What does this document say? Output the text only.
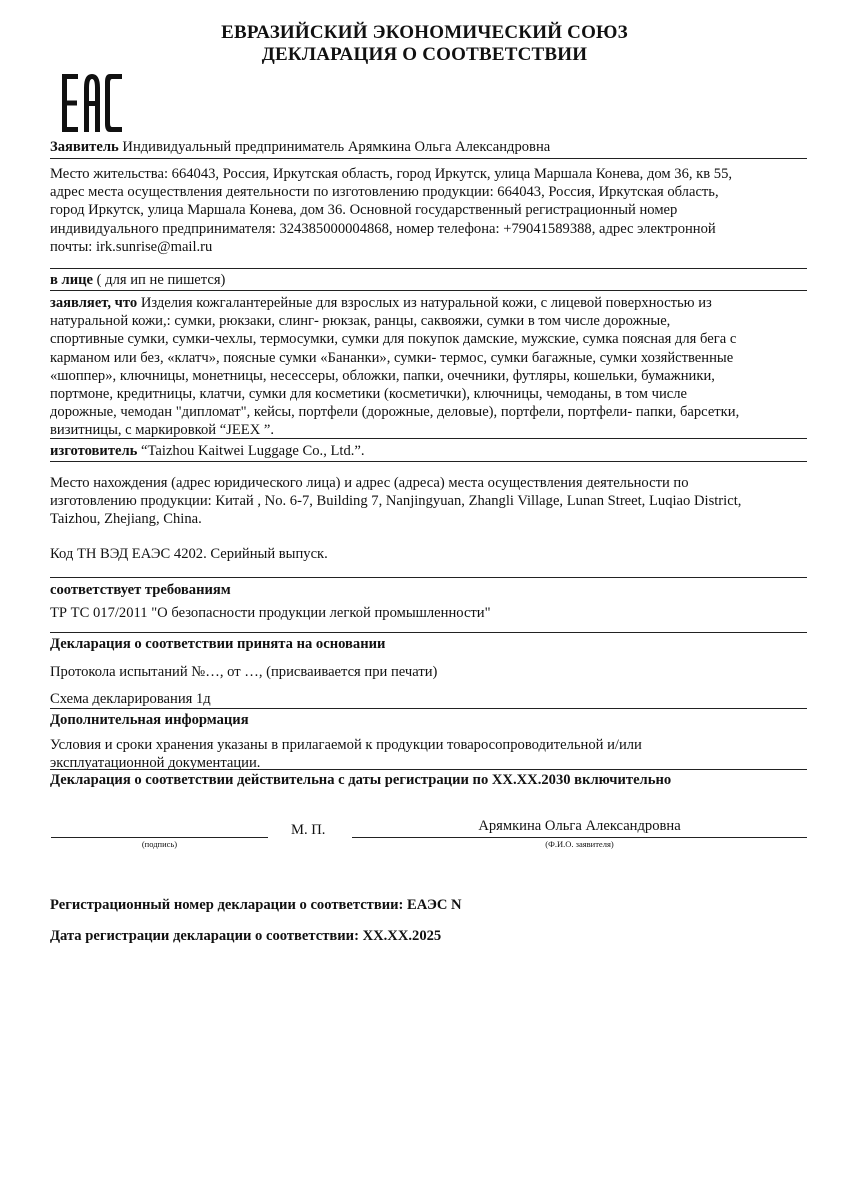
ЕВРАЗИЙСКИЙ ЭКОНОМИЧЕСКИЙ СОЮЗ
ДЕКЛАРАЦИЯ О СООТВЕТСТВИИ
Заявитель Индивидуальный предприниматель Арямкина Ольга Александровна
Место жительства: 664043, Россия, Иркутская область, город Иркутск, улица Маршала Конева, дом 36, кв 55,
адрес места осуществления деятельности по изготовлению продукции: 664043, Россия, Иркутская область,
город Иркутск, улица Маршала Конева, дом 36. Основной государственный регистрационный номер
индивидуального предпринимателя: 324385000004868, номер телефона: +79041589388, адрес электронной
почты: irk.sunrise@mail.ru
в лице ( для ип не пишется)
заявляет, что Изделия кожгалантерейные для взрослых из натуральной кожи, с лицевой поверхностью из
натуральной кожи,: сумки, рюкзаки, слинг- рюкзак, ранцы, саквояжи, сумки в том числе дорожные,
спортивные сумки, сумки-чехлы, термосумки, сумки для покупок дамские, мужские, сумка поясная для бега с
карманом или без, «клатч», поясные сумки «Бананки», сумки- термос, сумки багажные, сумки хозяйственные
«шоппер», ключницы, монетницы, несессеры, обложки, папки, очечники, футляры, кошельки, бумажники,
портмоне, кредитницы, клатчи, сумки для косметики (косметички), ключницы, чемоданы, в том числе
дорожные, чемодан "дипломат", кейсы, портфели (дорожные, деловые), портфели, портфели- папки, барсетки,
визитницы, с маркировкой “JEEX ”.
изготовитель “Taizhou Kaitwei Luggage Co., Ltd.”.
Место нахождения (адрес юридического лица) и адрес (адреса) места осуществления деятельности по
изготовлению продукции: Китай , No. 6-7, Building 7, Nanjingyuan, Zhangli Village, Lunan Street, Luqiao District,
Taizhou, Zhejiang, China.
Код ТН ВЭД ЕАЭС 4202. Серийный выпуск.
соответствует требованиям
ТР ТС 017/2011 "О безопасности продукции легкой промышленности"
Декларация о соответствии принята на основании
Протокола испытаний №…, от …, (присваивается при печати)
Схема декларирования 1д
Дополнительная информация
Условия и сроки хранения указаны в прилагаемой к продукции товаросопроводительной и/или
эксплуатационной документации.
Декларация о соответствии действительна с даты регистрации по XX.XX.2030 включительно
(подпись)
М. П.	Арямкина Ольга Александровна
(Ф.И.О. заявителя)
Регистрационный номер декларации о соответствии: ЕАЭС N
Дата регистрации декларации о соответствии: XX.XX.2025
